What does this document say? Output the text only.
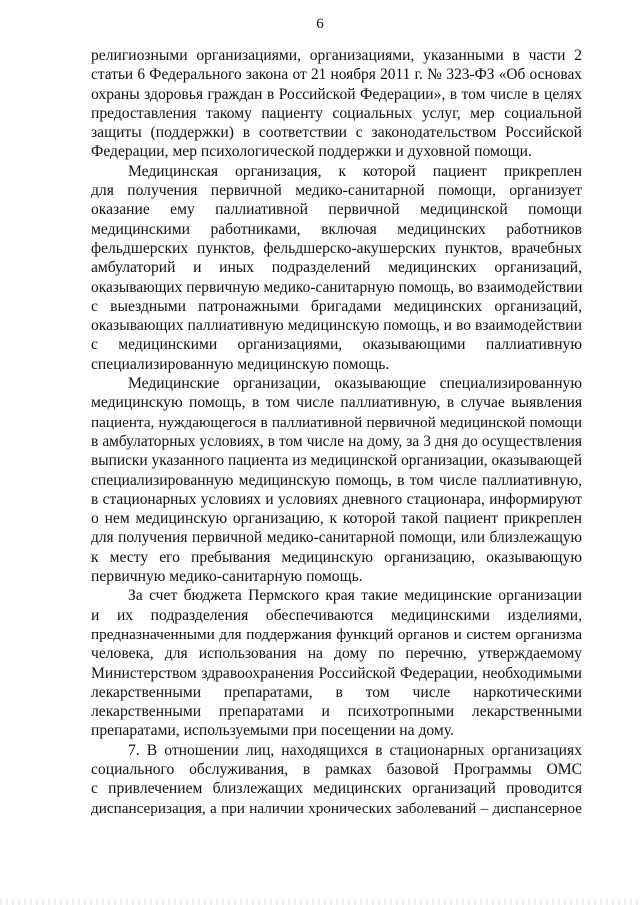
6
религиозными организациями, организациями, указанными в части 2
статьи 6 Федерального закона от 21 ноября 2011 г. № 323-ФЗ «Об основах
охраны здоровья граждан в Российской Федерации», в том числе в целях
предоставления такому пациенту социальных услуг, мер социальной
защиты (поддержки) в соответствии с законодательством Российской
Федерации, мер психологической поддержки и духовной помощи.
Медицинская организация, к которой пациент прикреплен
для получения первичной медико-санитарной помощи, организует
оказание ему паллиативной первичной медицинской помощи
медицинскими работниками, включая медицинских работников
фельдшерских пунктов, фельдшерско-акушерских пунктов, врачебных
амбулаторий и иных подразделений медицинских организаций,
оказывающих первичную медико-санитарную помощь, во взаимодействии
с выездными патронажными бригадами медицинских организаций,
оказывающих паллиативную медицинскую помощь, и во взаимодействии
с медицинскими организациями, оказывающими паллиативную
специализированную медицинскую помощь.
Медицинские организации, оказывающие специализированную
медицинскую помощь, в том числе паллиативную, в случае выявления
пациента, нуждающегося в паллиативной первичной медицинской помощи
в амбулаторных условиях, в том числе на дому, за 3 дня до осуществления
выписки указанного пациента из медицинской организации, оказывающей
специализированную медицинскую помощь, в том числе паллиативную,
в стационарных условиях и условиях дневного стационара, информируют
о нем медицинскую организацию, к которой такой пациент прикреплен
для получения первичной медико-санитарной помощи, или близлежащую
к месту его пребывания медицинскую организацию, оказывающую
первичную медико-санитарную помощь.
За счет бюджета Пермского края такие медицинские организации
и их подразделения обеспечиваются медицинскими изделиями,
предназначенными для поддержания функций органов и систем организма
человека, для использования на дому по перечню, утверждаемому
Министерством здравоохранения Российской Федерации, необходимыми
лекарственными препаратами, в том числе наркотическими
лекарственными препаратами и психотропными лекарственными
препаратами, используемыми при посещении на дому.
7. В отношении лиц, находящихся в стационарных организациях
социального обслуживания, в рамках базовой Программы ОМС
с привлечением близлежащих медицинских организаций проводится
диспансеризация, а при наличии хронических заболеваний – диспансерное
